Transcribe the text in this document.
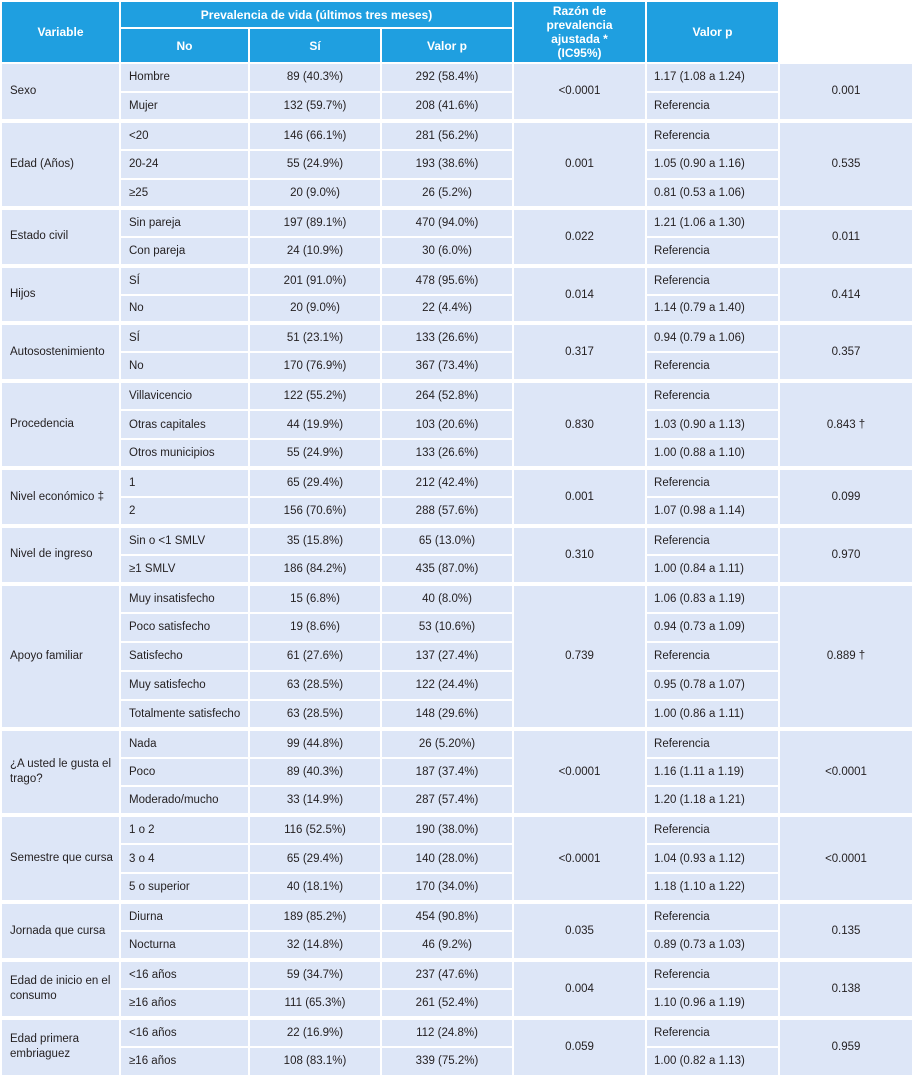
Variable	Prevalencia de vida (últimos tres meses)			Razón de prevalencia ajustada * (IC95%)	Valor p	
	No	Sí	Valor p			
Sexo	Hombre	89 (40.3%)	292 (58.4%)	<0.0001	1.17 (1.08 a 1.24)	0.001
	Mujer	132 (59.7%)	208 (41.6%)		Referencia	
Edad (Años)	<20	146 (66.1%)	281 (56.2%)	0.001	Referencia	0.535
	20-24	55 (24.9%)	193 (38.6%)		1.05 (0.90 a 1.16)	
	≥25	20 (9.0%)	26 (5.2%)		0.81 (0.53 a 1.06)	
Estado civil	Sin pareja	197 (89.1%)	470 (94.0%)	0.022	1.21 (1.06 a 1.30)	0.011
	Con pareja	24 (10.9%)	30 (6.0%)		Referencia	
Hijos	SÍ	201 (91.0%)	478 (95.6%)	0.014	Referencia	0.414
	No	20 (9.0%)	22 (4.4%)		1.14 (0.79 a 1.40)	
Autosostenimiento	SÍ	51 (23.1%)	133 (26.6%)	0.317	0.94 (0.79 a 1.06)	0.357
	No	170 (76.9%)	367 (73.4%)		Referencia	
Procedencia	Villavicencio	122 (55.2%)	264 (52.8%)	0.830	Referencia	0.843 †
	Otras capitales	44 (19.9%)	103 (20.6%)		1.03 (0.90 a 1.13)	
	Otros municipios	55 (24.9%)	133 (26.6%)		1.00 (0.88 a 1.10)	
Nivel económico ‡	1	65 (29.4%)	212 (42.4%)	0.001	Referencia	0.099
	2	156 (70.6%)	288 (57.6%)		1.07 (0.98 a 1.14)	
Nivel de ingreso	Sin o <1 SMLV	35 (15.8%)	65 (13.0%)	0.310	Referencia	0.970
	≥1 SMLV	186 (84.2%)	435 (87.0%)		1.00 (0.84 a 1.11)	
Apoyo familiar	Muy insatisfecho	15 (6.8%)	40 (8.0%)	0.739	1.06 (0.83 a 1.19)	0.889 †
	Poco satisfecho	19 (8.6%)	53 (10.6%)		0.94 (0.73 a 1.09)	
	Satisfecho	61 (27.6%)	137 (27.4%)		Referencia	
	Muy satisfecho	63 (28.5%)	122 (24.4%)		0.95 (0.78 a 1.07)	
	Totalmente satisfecho	63 (28.5%)	148 (29.6%)		1.00 (0.86 a 1.11)	
¿A usted le gusta el trago?	Nada	99 (44.8%)	26 (5.20%)	<0.0001	Referencia	<0.0001
	Poco	89 (40.3%)	187 (37.4%)		1.16 (1.11 a 1.19)	
	Moderado/mucho	33 (14.9%)	287 (57.4%)		1.20 (1.18 a 1.21)	
Semestre que cursa	1 o 2	116 (52.5%)	190 (38.0%)	<0.0001	Referencia	<0.0001
	3 o 4	65 (29.4%)	140 (28.0%)		1.04 (0.93 a 1.12)	
	5 o superior	40 (18.1%)	170 (34.0%)		1.18 (1.10 a 1.22)	
Jornada que cursa	Diurna	189 (85.2%)	454 (90.8%)	0.035	Referencia	0.135
	Nocturna	32 (14.8%)	46 (9.2%)		0.89 (0.73 a 1.03)	
Edad de inicio en el consumo	<16 años	59 (34.7%)	237 (47.6%)	0.004	Referencia	0.138
	≥16 años	111 (65.3%)	261 (52.4%)		1.10 (0.96 a 1.19)	
Edad primera embriaguez	<16 años	22 (16.9%)	112 (24.8%)	0.059	Referencia	0.959
	≥16 años	108 (83.1%)	339 (75.2%)		1.00 (0.82 a 1.13)	
